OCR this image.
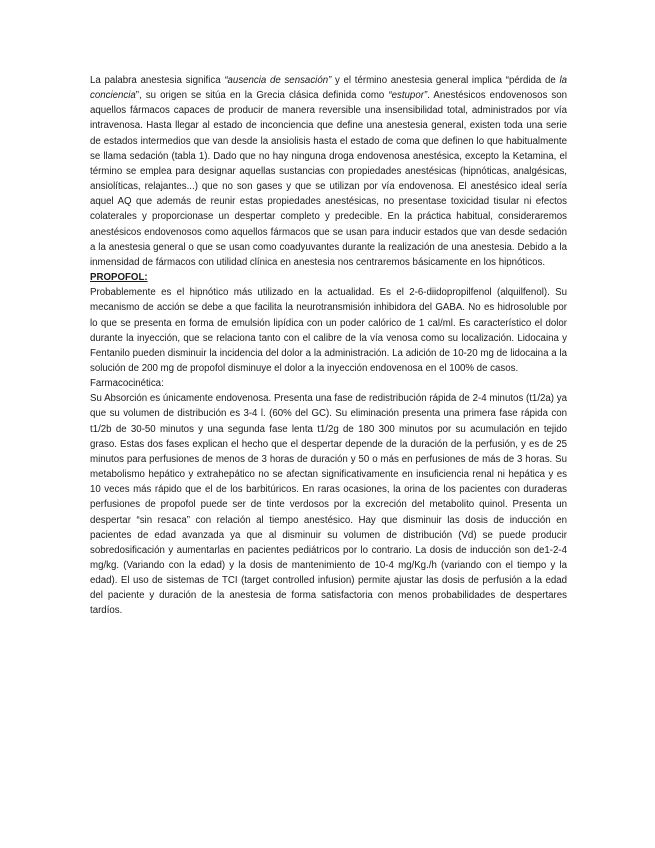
La palabra anestesia significa “ausencia de sensación” y el término anestesia general implica “pérdida de la conciencia”, su origen se sitúa en la Grecia clásica definida como “estupor”. Anestésicos endovenosos son aquellos fármacos capaces de producir de manera reversible una insensibilidad total, administrados por vía intravenosa. Hasta llegar al estado de inconciencia que define una anestesia general, existen toda una serie de estados intermedios que van desde la ansiolisis hasta el estado de coma que definen lo que habitualmente se llama sedación (tabla 1). Dado que no hay ninguna droga endovenosa anestésica, excepto la Ketamina, el término se emplea para designar aquellas sustancias con propiedades anestésicas (hipnóticas, analgésicas, ansiolíticas, relajantes...) que no son gases y que se utilizan por vía endovenosa. El anestésico ideal sería aquel AQ que además de reunir estas propiedades anestésicas, no presentase toxicidad tisular ni efectos colaterales y proporcionase un despertar completo y predecible. En la práctica habitual, consideraremos anestésicos endovenosos como aquellos fármacos que se usan para inducir estados que van desde sedación a la anestesia general o que se usan como coadyuvantes durante la realización de una anestesia. Debido a la inmensidad de fármacos con utilidad clínica en anestesia nos centraremos básicamente en los hipnóticos.

PROPOFOL:

Probablemente es el hipnótico más utilizado en la actualidad. Es el 2-6-diidopropilfenol (alquilfenol). Su mecanismo de acción se debe a que facilita la neurotransmisión inhibidora del GABA. No es hidrosoluble por lo que se presenta en forma de emulsión lipídica con un poder calórico de 1 cal/ml. Es característico el dolor durante la inyección, que se relaciona tanto con el calibre de la vía venosa como su localización. Lidocaina y Fentanilo pueden disminuir la incidencia del dolor a la administración. La adición de 10-20 mg de lidocaina a la solución de 200 mg de propofol disminuye el dolor a la inyección endovenosa en el 100% de casos.

Farmacocinética:

Su Absorción es únicamente endovenosa. Presenta una fase de redistribución rápida de 2-4 minutos (t1/2a) ya que su volumen de distribución es 3-4 l. (60% del GC). Su eliminación presenta una primera fase rápida con t1/2b de 30-50 minutos y una segunda fase lenta t1/2g de 180 300 minutos por su acumulación en tejido graso. Estas dos fases explican el hecho que el despertar depende de la duración de la perfusión, y es de 25 minutos para perfusiones de menos de 3 horas de duración y 50 o más en perfusiones de más de 3 horas. Su metabolismo hepático y extrahepático no se afectan significativamente en insuficiencia renal ni hepática y es 10 veces más rápido que el de los barbitúricos. En raras ocasiones, la orina de los pacientes con duraderas perfusiones de propofol puede ser de tinte verdosos por la excreción del metabolito quinol. Presenta un despertar “sin resaca” con relación al tiempo anestésico. Hay que disminuir las dosis de inducción en pacientes de edad avanzada ya que al disminuir su volumen de distribución (Vd) se puede producir sobredosificación y aumentarlas en pacientes pediátricos por lo contrario. La dosis de inducción son de1-2-4 mg/kg. (Variando con la edad) y la dosis de mantenimiento de 10-4 mg/Kg./h (variando con el tiempo y la edad). El uso de sistemas de TCI (target controlled infusion) permite ajustar las dosis de perfusión a la edad del paciente y duración de la anestesia de forma satisfactoria con menos probabilidades de despertares tardíos.
